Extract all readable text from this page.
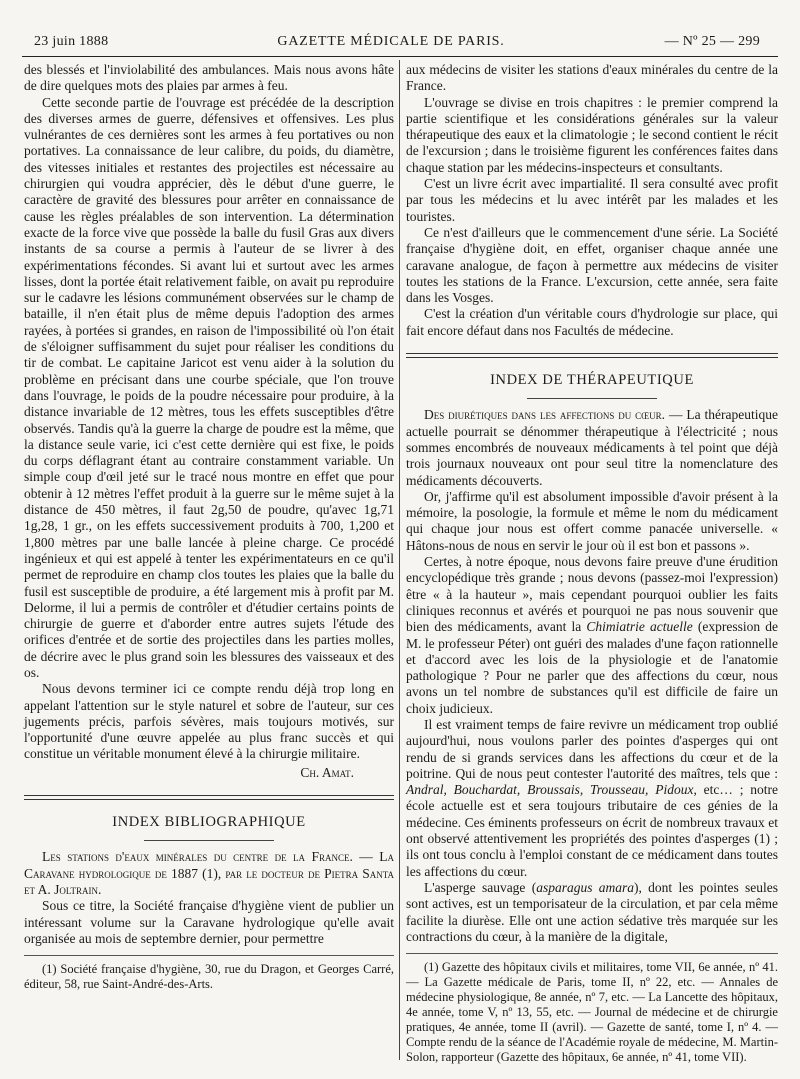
23 juin 1888	GAZETTE MÉDICALE DE PARIS.	— Nº 25 — 299

des blessés et l'inviolabilité des ambulances. Mais nous avons hâte de dire quelques mots des plaies par armes à feu.

Cette seconde partie de l'ouvrage est précédée de la description des diverses armes de guerre, défensives et offensives. Les plus vulnérantes de ces dernières sont les armes à feu portatives ou non portatives. La connaissance de leur calibre, du poids, du diamètre, des vitesses initiales et restantes des projectiles est nécessaire au chirurgien qui voudra apprécier, dès le début d'une guerre, le caractère de gravité des blessures pour arrêter en connaissance de cause les règles préalables de son intervention. La détermination exacte de la force vive que possède la balle du fusil Gras aux divers instants de sa course a permis à l'auteur de se livrer à des expérimentations fécondes. Si avant lui et surtout avec les armes lisses, dont la portée était relativement faible, on avait pu reproduire sur le cadavre les lésions communément observées sur le champ de bataille, il n'en était plus de même depuis l'adoption des armes rayées, à portées si grandes, en raison de l'impossibilité où l'on était de s'éloigner suffisamment du sujet pour réaliser les conditions du tir de combat. Le capitaine Jaricot est venu aider à la solution du problème en précisant dans une courbe spéciale, que l'on trouve dans l'ouvrage, le poids de la poudre nécessaire pour produire, à la distance invariable de 12 mètres, tous les effets susceptibles d'être observés. Tandis qu'à la guerre la charge de poudre est la même, que la distance seule varie, ici c'est cette dernière qui est fixe, le poids du corps déflagrant étant au contraire constamment variable. Un simple coup d'œil jeté sur le tracé nous montre en effet que pour obtenir à 12 mètres l'effet produit à la guerre sur le même sujet à la distance de 450 mètres, il faut 2g,50 de poudre, qu'avec 1g,71 1g,28, 1 gr., on les effets successivement produits à 700, 1,200 et 1,800 mètres par une balle lancée à pleine charge. Ce procédé ingénieux et qui est appelé à tenter les expérimentateurs en ce qu'il permet de reproduire en champ clos toutes les plaies que la balle du fusil est susceptible de produire, a été largement mis à profit par M. Delorme, il lui a permis de contrôler et d'étudier certains points de chirurgie de guerre et d'aborder entre autres sujets l'étude des orifices d'entrée et de sortie des projectiles dans les parties molles, de décrire avec le plus grand soin les blessures des vaisseaux et des os.

Nous devons terminer ici ce compte rendu déjà trop long en appelant l'attention sur le style naturel et sobre de l'auteur, sur ces jugements précis, parfois sévères, mais toujours motivés, sur l'opportunité d'une œuvre appelée au plus franc succès et qui constitue un véritable monument élevé à la chirurgie militaire.

Ch. Amat.
INDEX BIBLIOGRAPHIQUE

Les stations d'eaux minérales du centre de la France. — La Caravane hydrologique de 1887 (1), par le docteur de Pietra Santa et A. Joltrain.

Sous ce titre, la Société française d'hygiène vient de publier un intéressant volume sur la Caravane hydrologique qu'elle avait organisée au mois de septembre dernier, pour permettre

(1) Société française d'hygiène, 30, rue du Dragon, et Georges Carré, éditeur, 58, rue Saint-André-des-Arts.

aux médecins de visiter les stations d'eaux minérales du centre de la France.

L'ouvrage se divise en trois chapitres : le premier comprend la partie scientifique et les considérations générales sur la valeur thérapeutique des eaux et la climatologie ; le second contient le récit de l'excursion ; dans le troisième figurent les conférences faites dans chaque station par les médecins-inspecteurs et consultants.

C'est un livre écrit avec impartialité. Il sera consulté avec profit par tous les médecins et lu avec intérêt par les malades et les touristes.

Ce n'est d'ailleurs que le commencement d'une série. La Société française d'hygiène doit, en effet, organiser chaque année une caravane analogue, de façon à permettre aux médecins de visiter toutes les stations de la France. L'excursion, cette année, sera faite dans les Vosges.

C'est la création d'un véritable cours d'hydrologie sur place, qui fait encore défaut dans nos Facultés de médecine.

INDEX DE THÉRAPEUTIQUE

Des diurétiques dans les affections du cœur. — La thérapeutique actuelle pourrait se dénommer thérapeutique à l'électricité ; nous sommes encombrés de nouveaux médicaments à tel point que déjà trois journaux nouveaux ont pour seul titre la nomenclature des médicaments découverts.

Or, j'affirme qu'il est absolument impossible d'avoir présent à la mémoire, la posologie, la formule et même le nom du médicament qui chaque jour nous est offert comme panacée universelle. « Hâtons-nous de nous en servir le jour où il est bon et passons ».

Certes, à notre époque, nous devons faire preuve d'une érudition encyclopédique très grande ; nous devons (passez-moi l'expression) être « à la hauteur », mais cependant pourquoi oublier les faits cliniques reconnus et avérés et pourquoi ne pas nous souvenir que bien des médicaments, avant la Chimiatrie actuelle (expression de M. le professeur Péter) ont guéri des malades d'une façon rationnelle et d'accord avec les lois de la physiologie et de l'anatomie pathologique ? Pour ne parler que des affections du cœur, nous avons un tel nombre de substances qu'il est difficile de faire un choix judicieux.

Il est vraiment temps de faire revivre un médicament trop oublié aujourd'hui, nous voulons parler des pointes d'asperges qui ont rendu de si grands services dans les affections du cœur et de la poitrine. Qui de nous peut contester l'autorité des maîtres, tels que : Andral, Bouchardat, Broussais, Trousseau, Pidoux, etc… ; notre école actuelle est et sera toujours tributaire de ces génies de la médecine. Ces éminents professeurs on écrit de nombreux travaux et ont observé attentivement les propriétés des pointes d'asperges (1) ; ils ont tous conclu à l'emploi constant de ce médicament dans toutes les affections du cœur.

L'asperge sauvage (asparagus amara), dont les pointes seules sont actives, est un temporisateur de la circulation, et par cela même facilite la diurèse. Elle ont une action sédative très marquée sur les contractions du cœur, à la manière de la digitale,

(1) Gazette des hôpitaux civils et militaires, tome VII, 6e année, nº 41. — La Gazette médicale de Paris, tome II, nº 22, etc. — Annales de médecine physiologique, 8e année, nº 7, etc. — La Lancette des hôpitaux, 4e année, tome V, nº 13, 55, etc. — Journal de médecine et de chirurgie pratiques, 4e année, tome II (avril). — Gazette de santé, tome I, nº 4. — Compte rendu de la séance de l'Académie royale de médecine, M. Martin-Solon, rapporteur (Gazette des hôpitaux, 6e année, nº 41, tome VII).
